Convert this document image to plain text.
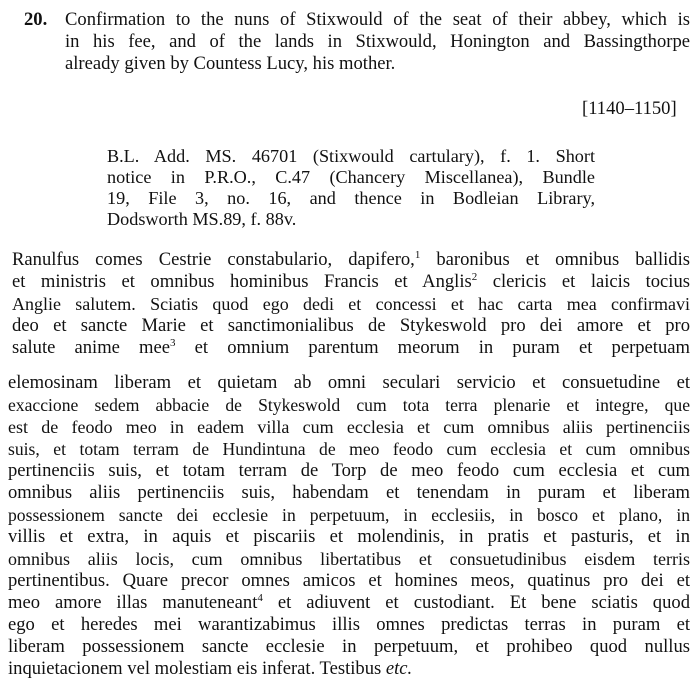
20. Confirmation to the nuns of Stixwould of the seat of their abbey, which is
in his fee, and of the lands in Stixwould, Honington and Bassingthorpe
already given by Countess Lucy, his mother.
[1140–1150]
B.L. Add. MS. 46701 (Stixwould cartulary), f. 1. Short
notice in P.R.O., C.47 (Chancery Miscellanea), Bundle
19, File 3, no. 16, and thence in Bodleian Library,
Dodsworth MS.89, f. 88v.
Ranulfus comes Cestrie constabulario, dapifero,$^1$ baronibus et omnibus ballidis
et ministris et omnibus hominibus Francis et Anglis$^2$ clericis et laicis tocius
Anglie salutem. Sciatis quod ego dedi et concessi et hac carta mea confirmavi
deo et sancte Marie et sanctimonialibus de Stykeswold pro dei amore et pro
salute anime mee$^3$ et omnium parentum meorum in puram et perpetuam
elemosinam liberam et quietam ab omni seculari servicio et consuetudine et
exaccione sedem abbacie de Stykeswold cum tota terra plenarie et integre, que
est de feodo meo in eadem villa cum ecclesia et cum omnibus aliis pertinenciis
suis, et totam terram de Hundintuna de meo feodo cum ecclesia et cum omnibus
pertinenciis suis, et totam terram de Torp de meo feodo cum ecclesia et cum
omnibus aliis pertinenciis suis, habendam et tenendam in puram et liberam
possessionem sancte dei ecclesie in perpetuum, in ecclesiis, in bosco et plano, in
villis et extra, in aquis et piscariis et molendinis, in pratis et pasturis, et in
omnibus aliis locis, cum omnibus libertatibus et consuetudinibus eisdem terris
pertinentibus. Quare precor omnes amicos et homines meos, quatinus pro dei et
meo amore illas manuteneant$^4$ et adiuvent et custodiant. Et bene sciatis quod
ego et heredes mei warantizabimus illis omnes predictas terras in puram et
liberam possessionem sancte ecclesie in perpetuum, et prohibeo quod nullus
inquietacionem vel molestiam eis inferat. Testibus etc.
